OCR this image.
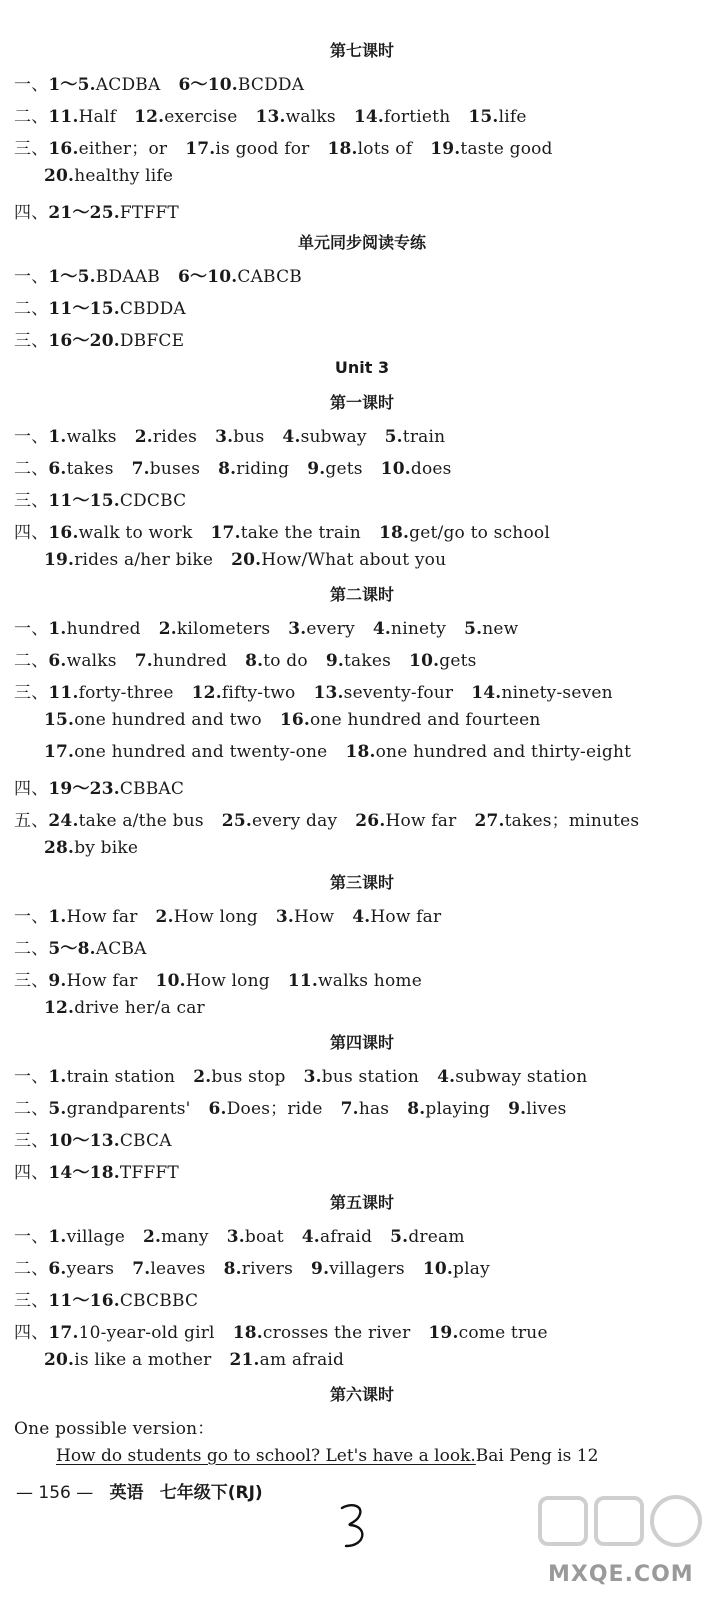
第七课时
一、1～5.ACDBA 6～10.BCDDA
二、11.Half 12.exercise 13.walks 14.fortieth 15.life
三、16.either；or 17.is good for 18.lots of 19.taste good
20.healthy life
四、21～25.FTFFT
单元同步阅读专练
一、1～5.BDAAB 6～10.CABCB
二、11～15.CBDDA
三、16～20.DBFCE
Unit 3
第一课时
一、1.walks 2.rides 3.bus 4.subway 5.train
二、6.takes 7.buses 8.riding 9.gets 10.does
三、11～15.CDCBC
四、16.walk to work 17.take the train 18.get/go to school
19.rides a/her bike 20.How/What about you
第二课时
一、1.hundred 2.kilometers 3.every 4.ninety 5.new
二、6.walks 7.hundred 8.to do 9.takes 10.gets
三、11.forty-three 12.fifty-two 13.seventy-four 14.ninety-seven
15.one hundred and two 16.one hundred and fourteen
17.one hundred and twenty-one 18.one hundred and thirty-eight
四、19～23.CBBAC
五、24.take a/the bus 25.every day 26.How far 27.takes；minutes
28.by bike
第三课时
一、1.How far 2.How long 3.How 4.How far
二、5～8.ACBA
三、9.How far 10.How long 11.walks home
12.drive her/a car
第四课时
一、1.train station 2.bus stop 3.bus station 4.subway station
二、5.grandparents' 6.Does；ride 7.has 8.playing 9.lives
三、10～13.CBCA
四、14～18.TFFFT
第五课时
一、1.village 2.many 3.boat 4.afraid 5.dream
二、6.years 7.leaves 8.rivers 9.villagers 10.play
三、11～16.CBCBBC
四、17.10-year-old girl 18.crosses the river 19.come true
20.is like a mother 21.am afraid
第六课时
One possible version：
How do students go to school? Let's have a look.Bai Peng is 12
— 156 — 英语 七年级下(RJ)
MXQE.COM
